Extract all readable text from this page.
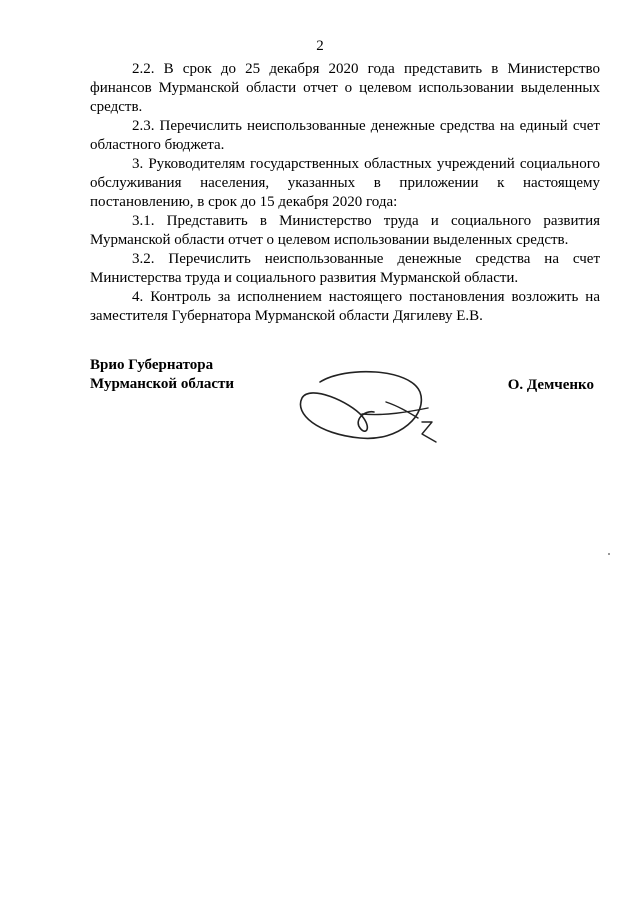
2

2.2. В срок до 25 декабря 2020 года представить в Министерство финансов Мурманской области отчет о целевом использовании выделенных средств.

2.3. Перечислить неиспользованные денежные средства на единый счет областного бюджета.

3. Руководителям государственных областных учреждений социального обслуживания населения, указанных в приложении к настоящему постановлению, в срок до 15 декабря 2020 года:

3.1. Представить в Министерство труда и социального развития Мурманской области отчет о целевом использовании выделенных средств.

3.2. Перечислить неиспользованные денежные средства на счет Министерства труда и социального развития Мурманской области.

4. Контроль за исполнением настоящего постановления возложить на заместителя Губернатора Мурманской области Дягилеву Е.В.

Врио Губернатора
Мурманской области	О. Демченко
